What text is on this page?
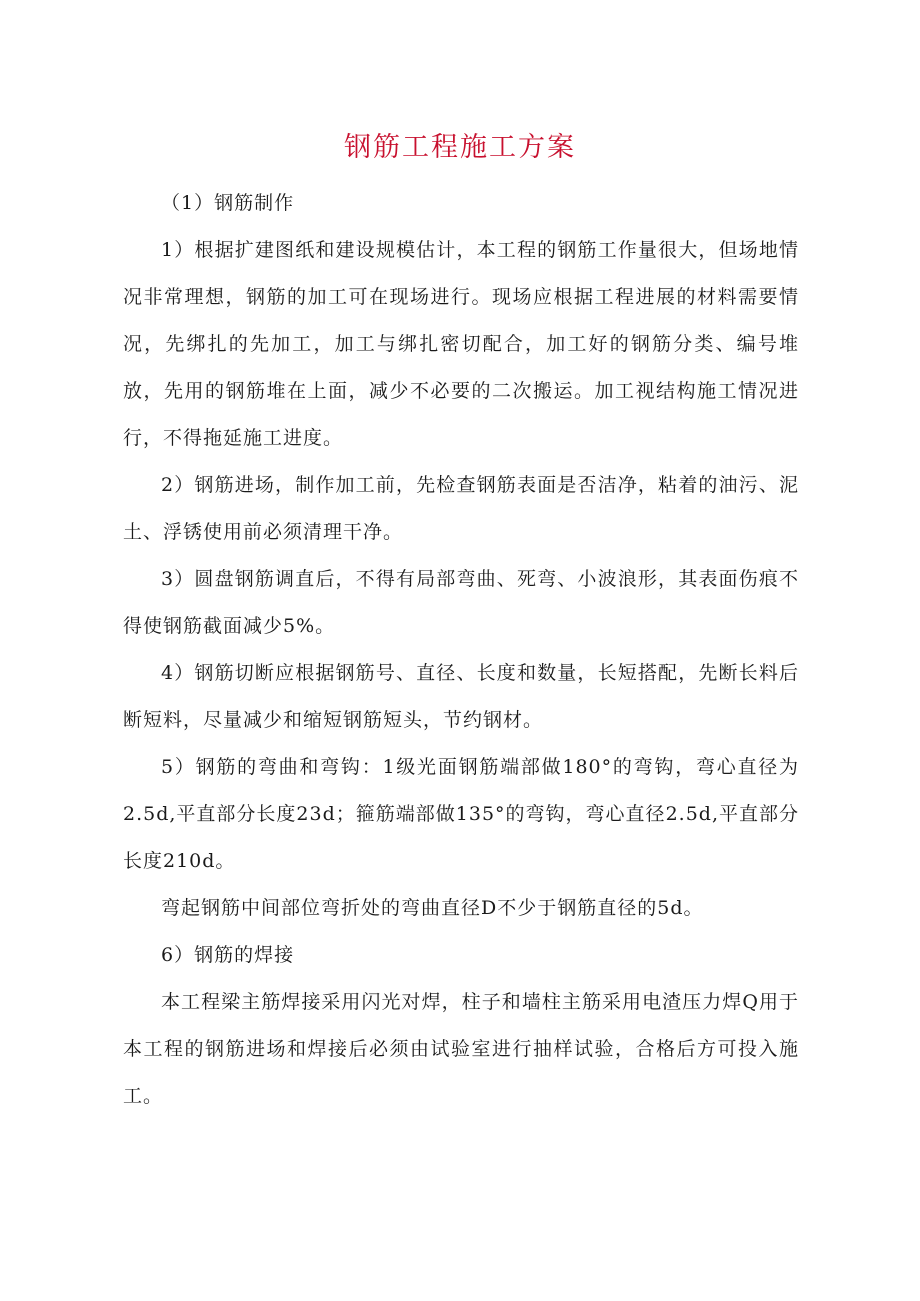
钢筋工程施工方案

（1）钢筋制作

1）根据扩建图纸和建设规模估计，本工程的钢筋工作量很大，但场地情况非常理想，钢筋的加工可在现场进行。现场应根据工程进展的材料需要情况，先绑扎的先加工，加工与绑扎密切配合，加工好的钢筋分类、编号堆放，先用的钢筋堆在上面，减少不必要的二次搬运。加工视结构施工情况进行，不得拖延施工进度。

2）钢筋进场，制作加工前，先检查钢筋表面是否洁净，粘着的油污、泥土、浮锈使用前必须清理干净。

3）圆盘钢筋调直后，不得有局部弯曲、死弯、小波浪形，其表面伤痕不得使钢筋截面减少5%。

4）钢筋切断应根据钢筋号、直径、长度和数量，长短搭配，先断长料后断短料，尽量减少和缩短钢筋短头，节约钢材。

5）钢筋的弯曲和弯钩：1级光面钢筋端部做180°的弯钩，弯心直径为2.5d,平直部分长度23d；箍筋端部做135°的弯钩，弯心直径2.5d,平直部分长度210d。

弯起钢筋中间部位弯折处的弯曲直径D不少于钢筋直径的5d。

6）钢筋的焊接

本工程梁主筋焊接采用闪光对焊，柱子和墙柱主筋采用电渣压力焊Q用于本工程的钢筋进场和焊接后必须由试验室进行抽样试验，合格后方可投入施工。
